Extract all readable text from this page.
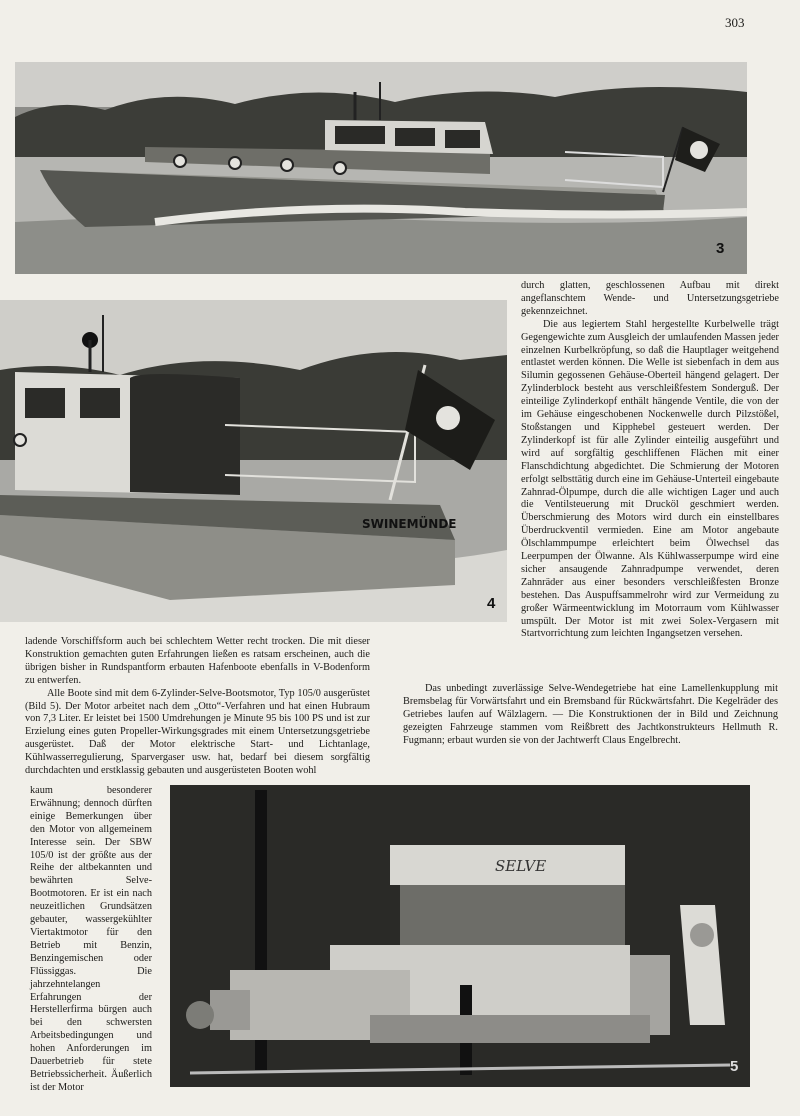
303
3
SWINEMÜNDE
4

durch glatten, geschlossenen Aufbau mit direkt angeflanschtem Wende- und Untersetzungsgetriebe gekennzeichnet.

Die aus legiertem Stahl hergestellte Kurbelwelle trägt Gegengewichte zum Ausgleich der umlaufenden Massen jeder einzelnen Kurbelkröpfung, so daß die Hauptlager weitgehend entlastet werden können. Die Welle ist siebenfach in dem aus Silumin gegossenen Gehäuse-Oberteil hängend gelagert. Der Zylinderblock besteht aus verschleißfestem Sonderguß. Der einteilige Zylinderkopf enthält hängende Ventile, die von der im Gehäuse eingeschobenen Nockenwelle durch Pilzstößel, Stoßstangen und Kipphebel gesteuert werden. Der Zylinderkopf ist für alle Zylinder einteilig ausgeführt und wird auf sorgfältig geschliffenen Flächen mit einer Flanschdichtung abgedichtet. Die Schmierung der Motoren erfolgt selbsttätig durch eine im Gehäuse-Unterteil eingebaute Zahnrad-Ölpumpe, durch die alle wichtigen Lager und auch die Ventilsteuerung mit Drucköl geschmiert werden. Überschmierung des Motors wird durch ein einstellbares Überdruckventil vermieden. Eine am Motor angebaute Ölschlammpumpe erleichtert beim Ölwechsel das Leerpumpen der Ölwanne. Als Kühlwasserpumpe wird eine sicher ansaugende Zahnradpumpe verwendet, deren Zahnräder aus einer besonders verschleißfesten Bronze bestehen. Das Auspuffsammelrohr wird zur Vermeidung zu großer Wärmeentwicklung im Motorraum vom Kühlwasser umspült. Der Motor ist mit zwei Solex-Vergasern mit Startvorrichtung zum leichten Ingangsetzen versehen.

ladende Vorschiffsform auch bei schlechtem Wetter recht trocken. Die mit dieser Konstruktion gemachten guten Erfahrungen ließen es ratsam erscheinen, auch die übrigen bisher in Rundspantform erbauten Hafenboote ebenfalls in V-Bodenform zu entwerfen.

Alle Boote sind mit dem 6-Zylinder-Selve-Bootsmotor, Typ 105/0 ausgerüstet (Bild 5). Der Motor arbeitet nach dem „Otto“-Verfahren und hat einen Hubraum von 7,3 Liter. Er leistet bei 1500 Umdrehungen je Minute 95 bis 100 PS und ist zur Erzielung eines guten Propeller-Wirkungsgrades mit einem Untersetzungsgetriebe ausgerüstet. Daß der Motor elektrische Start- und Lichtanlage, Kühlwasserregulierung, Sparvergaser usw. hat, bedarf bei diesem sorgfältig durchdachten und erstklassig gebauten und ausgerüsteten Booten wohl

Das unbedingt zuverlässige Selve-Wendegetriebe hat eine Lamellenkupplung mit Bremsbelag für Vorwärtsfahrt und ein Bremsband für Rückwärtsfahrt. Die Kegelräder des Getriebes laufen auf Wälzlagern. — Die Konstruktionen der in Bild und Zeichnung gezeigten Fahrzeuge stammen vom Reißbrett des Jachtkonstrukteurs Hellmuth R. Fugmann; erbaut wurden sie von der Jachtwerft Claus Engelbrecht.

kaum besonderer Erwähnung; dennoch dürften einige Bemerkungen über den Motor von allgemeinem Interesse sein. Der SBW 105/0 ist der größte aus der Reihe der altbekannten und bewährten Selve-Bootmotoren. Er ist ein nach neuzeitlichen Grundsätzen gebauter, wassergekühlter Viertaktmotor für den Betrieb mit Benzin, Benzingemischen oder Flüssiggas. Die jahrzehntelangen Erfahrungen der Herstellerfirma bürgen auch bei den schwersten Arbeitsbedingungen und hohen Anforderungen im Dauerbetrieb für stete Betriebssicherheit. Äußerlich ist der Motor

SELVE
5
